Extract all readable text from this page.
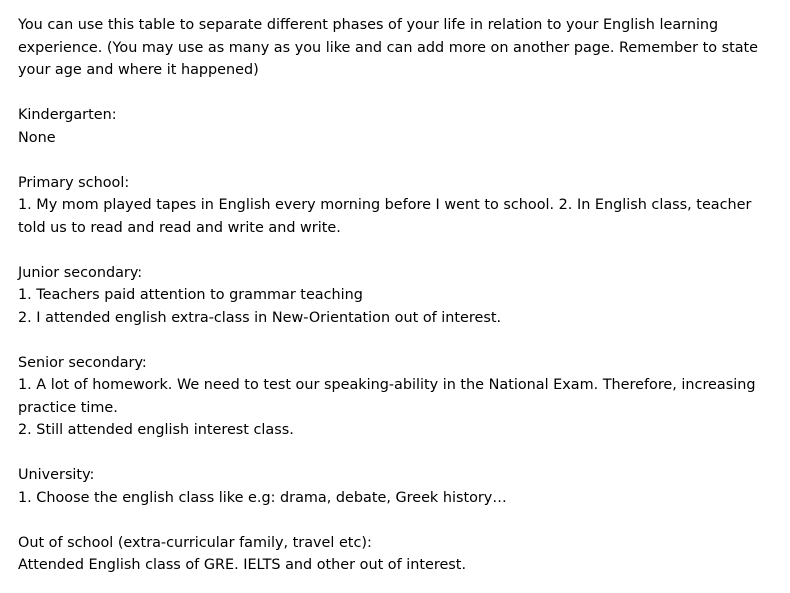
You can use this table to separate different phases of your life in relation to your English learning experience. (You may use as many as you like and can add more on another page. Remember to state your age and where it happened)

Kindergarten:
None
Primary school:
1. My mom played tapes in English every morning before I went to school. 2. In English class, teacher told us to read and read and write and write.
Junior secondary:
1. Teachers paid attention to grammar teaching
2. I attended english extra-class in New-Orientation out of interest.
Senior secondary:
1. A lot of homework. We need to test our speaking-ability in the National Exam. Therefore, increasing practice time.
2. Still attended english interest class.
University:
1. Choose the english class like e.g: drama, debate, Greek history…
Out of school (extra-curricular family, travel etc):
Attended English class of GRE. IELTS and other out of interest.
